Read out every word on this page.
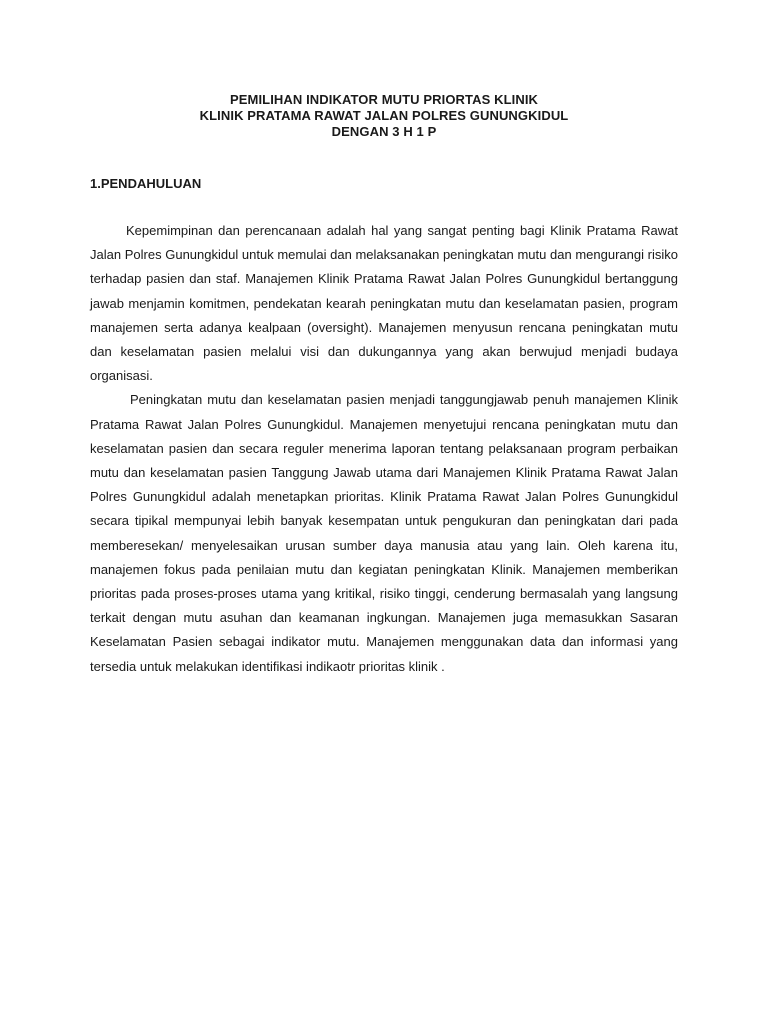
PEMILIHAN INDIKATOR MUTU PRIORTAS KLINIK
KLINIK PRATAMA RAWAT JALAN POLRES GUNUNGKIDUL
DENGAN 3 H 1 P
1.PENDAHULUAN

Kepemimpinan dan perencanaan adalah hal yang sangat penting bagi Klinik Pratama Rawat Jalan Polres Gunungkidul untuk memulai dan melaksanakan peningkatan mutu dan mengurangi risiko terhadap pasien dan staf. Manajemen Klinik Pratama Rawat Jalan Polres Gunungkidul bertanggung jawab menjamin komitmen, pendekatan kearah peningkatan mutu dan keselamatan pasien, program manajemen serta adanya kealpaan (oversight). Manajemen menyusun rencana peningkatan mutu dan keselamatan pasien melalui visi dan dukungannya yang akan berwujud menjadi budaya organisasi.

Peningkatan mutu dan keselamatan pasien menjadi tanggungjawab penuh manajemen Klinik Pratama Rawat Jalan Polres Gunungkidul. Manajemen menyetujui rencana peningkatan mutu dan keselamatan pasien dan secara reguler menerima laporan tentang pelaksanaan program perbaikan mutu dan keselamatan pasien Tanggung Jawab utama dari Manajemen Klinik Pratama Rawat Jalan Polres Gunungkidul adalah menetapkan prioritas. Klinik Pratama Rawat Jalan Polres Gunungkidul secara tipikal mempunyai lebih banyak kesempatan untuk pengukuran dan peningkatan dari pada memberesekan/ menyelesaikan urusan sumber daya manusia atau yang lain. Oleh karena itu, manajemen fokus pada penilaian mutu dan kegiatan peningkatan Klinik. Manajemen memberikan prioritas pada proses-proses utama yang kritikal, risiko tinggi, cenderung bermasalah yang langsung terkait dengan mutu asuhan dan keamanan ingkungan. Manajemen juga memasukkan Sasaran Keselamatan Pasien sebagai indikator mutu. Manajemen menggunakan data dan informasi yang tersedia untuk melakukan identifikasi indikaotr prioritas klinik .
